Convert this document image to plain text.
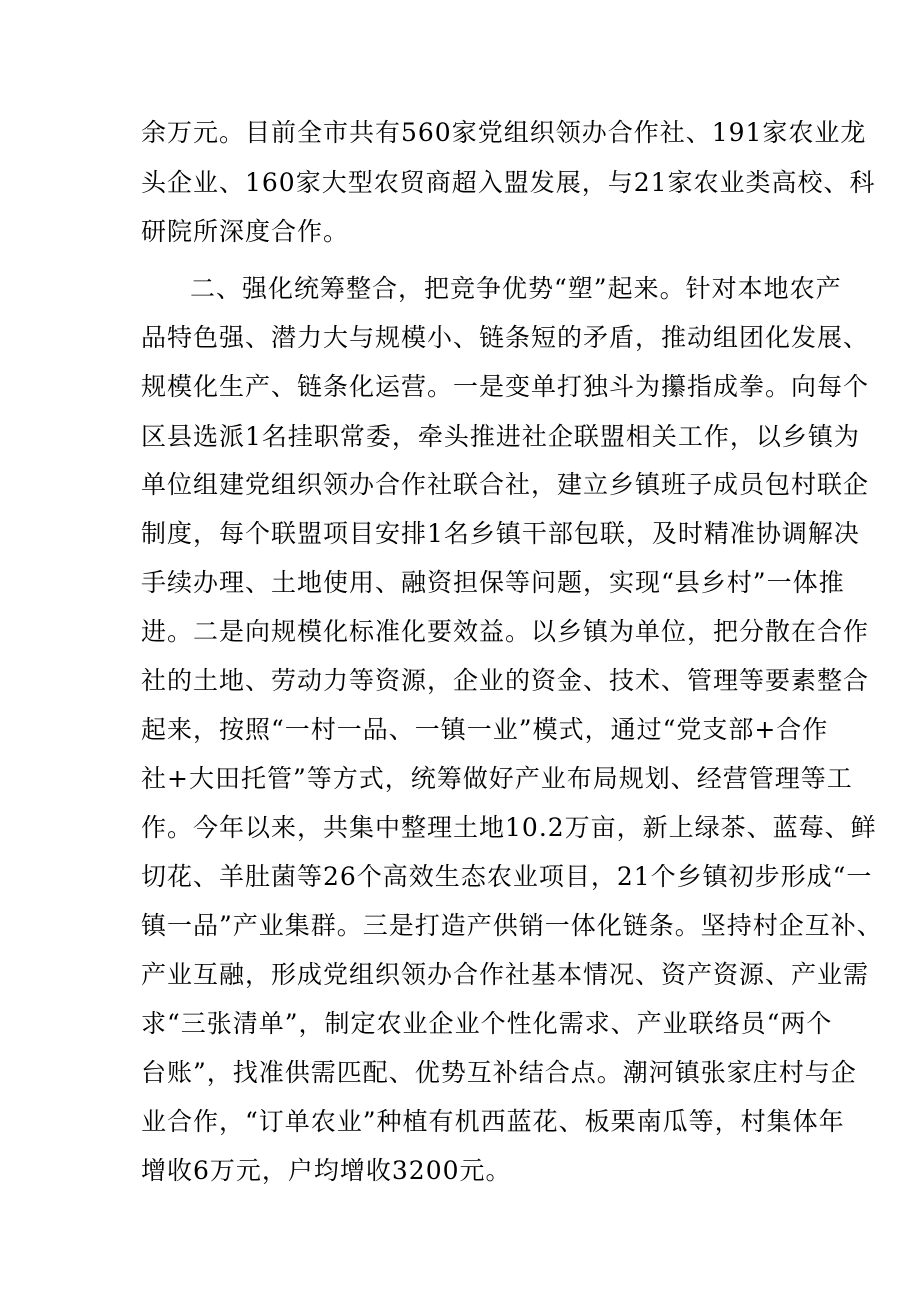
余万元。目前全市共有560家党组织领办合作社、191家农业龙
头企业、160家大型农贸商超入盟发展，与21家农业类高校、科
研院所深度合作。
二、强化统筹整合，把竞争优势“塑”起来。针对本地农产
品特色强、潜力大与规模小、链条短的矛盾，推动组团化发展、
规模化生产、链条化运营。一是变单打独斗为攥指成拳。向每个
区县选派1名挂职常委，牵头推进社企联盟相关工作，以乡镇为
单位组建党组织领办合作社联合社，建立乡镇班子成员包村联企
制度，每个联盟项目安排1名乡镇干部包联，及时精准协调解决
手续办理、土地使用、融资担保等问题，实现“县乡村”一体推
进。二是向规模化标准化要效益。以乡镇为单位，把分散在合作
社的土地、劳动力等资源，企业的资金、技术、管理等要素整合
起来，按照“一村一品、一镇一业”模式，通过“党支部+合作
社+大田托管”等方式，统筹做好产业布局规划、经营管理等工
作。今年以来，共集中整理土地10.2万亩，新上绿茶、蓝莓、鲜
切花、羊肚菌等26个高效生态农业项目，21个乡镇初步形成“一
镇一品”产业集群。三是打造产供销一体化链条。坚持村企互补、
产业互融，形成党组织领办合作社基本情况、资产资源、产业需
求“三张清单”，制定农业企业个性化需求、产业联络员“两个
台账”，找准供需匹配、优势互补结合点。潮河镇张家庄村与企
业合作，“订单农业”种植有机西蓝花、板栗南瓜等，村集体年
增收6万元，户均增收3200元。
